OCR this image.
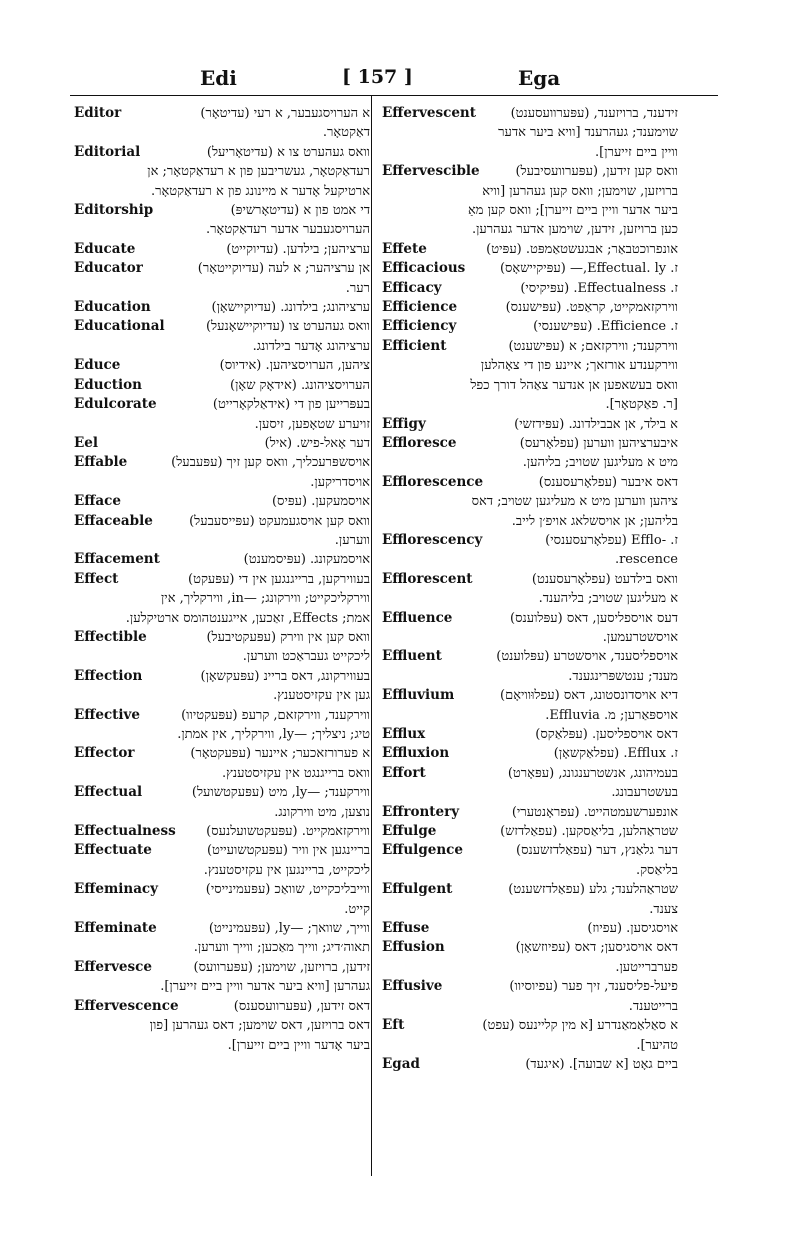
Edi	[ 157 ]	Ega
Editor	א הערויסגעבער, א רעי (עדיטאָר)
דאַקטאָר.
Editorial	וואס געהערט צו א (עדיטאָריעל)
רעדאַקטאָר, געשריבען פון א רעדאַקטאָר; אן
ארטיקעל אָדער א מיינונג פון א רעדאַקטאָר.
Editorship	די אמט פון א (עדיטאָרשיפּ)
הערויסגעבער אדער רעדאַקטאָר.
Educate	ערציהען; בילדען. (עדיוקייט)
Educator	אן ערציהער; א לעה (עדיוקייטאָר)
רער.
Education	ערציהונג; בילדונג. (עדיוקיישאָן)
Educational	וואס געהערט צו (עדיוקיישאָנעל)
ערציהונג אָדער בילדונג.
Educe	ציהען, הערויסציהען. (אידיוס)
Eduction	הערויסציהונג. (אידאָק שאָן)
Edulcorate	בעפּרייען פון די (אידאַלקאָרייט)
זויערע שטאָפען, זיסען.
Eel	דער אָאל-פיש. (איל)
Effable	אויסשפּרעכליך, וואס קען זיך (עפּעבעל)
אויסדריקען.
Efface	אויסמעקען. (עפּיס)
Effaceable	וואס קען אויסגעמעקט (עפּייסעבעל)
ווערען.
Effacement	אויסמעקונג. (עפּיסמענט)
Effect	בעווירקען, ברייגנגען אין די (עפּעקט)
ווירקליכקייט; ווירקונג; —in, ווירקליך, אין
אמת; Effects, זאַכען, אייגענטהומס ארטיקלען.
Effectible	וואס קען אין ווירק (עפּעקטיבעל)
ליכקייט געבראַכט ווערען.
Effection	בעווירקונג, דאס בריינ (עפּעקשאָן)
גען אין עקזיסטענץ.
Effective	ווירקענד, ווירקזאם, קרעפ (עפּעקטיוו)
טיג; ניצליך; —ly, ווירקליך, אין אמתן.
Effector	א פערורזאכער; איינער (עפּעקטאָר)
וואס ברייגנגט אין עקזיסטענץ.
Effectual	ווירקענד; —ly, מיט (עפּעקטשועל)
נוצען, מיט ווירקונג.
Effectualness ווירקזאמקייט. (עפּעקטשועלנעס)
Effectuate	בריינגען אין וויר (עפּעקטשועייט)
ליכקייט, בריינגען אין עקזיסטענץ.
Effeminacy	ווייבליכקייט, שוואַכ (עפּעמינייסי)
קייט.
Effeminate	ווייך, שוואך; —ly, (עפּעמינייט)
תאוה׳דיג; ווייך מאַכען; ווייך ווערען.
Effervesce	זידען, ברויזען, שוימען; (עפּערוועס)
געהרען [וויא ביער אדער וויין ביים זייערן].
Effervescence	דאס זידען, (עפּערוועסענס)
דאס ברויזען, דאס שוימען; דאס געהרען [פון
ביער אָדער וויין ביים זייערן].
Effervescent	זידענד, ברויזענד, (עפּערוועסענט)
שוימענד; געהרענד [וויא ביער אדער
וויין ביים זייערן].
Effervescible	וואס קען זידען, (עפּערוועסיבעל)
ברויזען, שוימען; וואס קען געהרען [וויא
ביער אדער וויין ביים זייערן]; וואס קען מאַ
כען ברויזען, זידען, שוימען אדער געהרען.
Effete	אונפרוכטבאַר; אבגעשטאַמפּט. (עפּיט)
Efficacious	ז. Effectual. ly,— (עפּיקיישאָס)
Efficacy	ז. Effectualness. (עפּיקיסי)
Efficience	ווירקזאמקייט, קראַפט. (עפּישענס)
Efficiency	ז. Efficience. (עפּישענסי)
Efficient	ווירקענד; ווירקזאם; א (עפּישענט)
ווירקענדע אורזאך; איינע פון די צאָהלען
וואס בעשאפען אן אנדער צאַהל דורך כפל
[ר. פאַקטאָר].
Effigy	א בילד, אן אבבילדונג. (עפּידזשי)
Effloresce	איבערציהען ווערען (עפלאָרעס)
מיט א מעליגען שטויב; בליהען.
Efflorescence	דאס איבער (עפלאָרעסענס)
ציהען ווערען מיט א מעליגען שטויב; דאס
בליהען; אן אויסשלאג אויפ׳ן לייב.
Efflorescency	ז. -Efflo (עפלאָרעסענסי)
rescence.
Efflorescent	וואס בילדעט (עפלאָרעסענט)
א מעליגען שטויב; בליהענד.
Effluence	דעס אויספליסען, דאס (עפּלוענס)
אויסשטרעמען.
Effluent	אויספליסענד, אויסשטרע (עפּלוענט)
מענד; ענטשפּרינגענד.
Effluvium	דיא אויסדונסטונג, דאס (עפלוּוויאָם)
אויספּאַרען; מ. Effluvia.
Efflux	דאס אויספליסען. (עפּלאַקס)
Effluxion	ז. Efflux. (עפלאַקשאָן)
Effort	בעמיהונג, אנשטרענגונג, (עפּאָרט)
בעשטרעבונג.
Effrontery	אונפערשעמטהייט. (עפראָנטערי)
Effulge	שטראַהלען, בליאַסקען. (עפאַלדזש)
Effulgence	דער גלאַנץ, דער (עפאַלדזשענס)
בליאַסק.
Effulgent	שטראַהלענד; גלע (עפאַלדזשענט)
צענד.
Effuse	אויסגיסען. (עפיוז)
Effusion	דאס אויסגיסען; דאס (עפיוזשאָן)
פערברייטען.
Effusive	פיעל-פליסענד, זיך פער (עפיוסיוו)
ברייטענד.
Eft	א סאַלאַמאַנדרע [א מין קליינעס (עפט)
טהיער].
Egad	ביים גאָט [א שבועה]. (איגעד)
